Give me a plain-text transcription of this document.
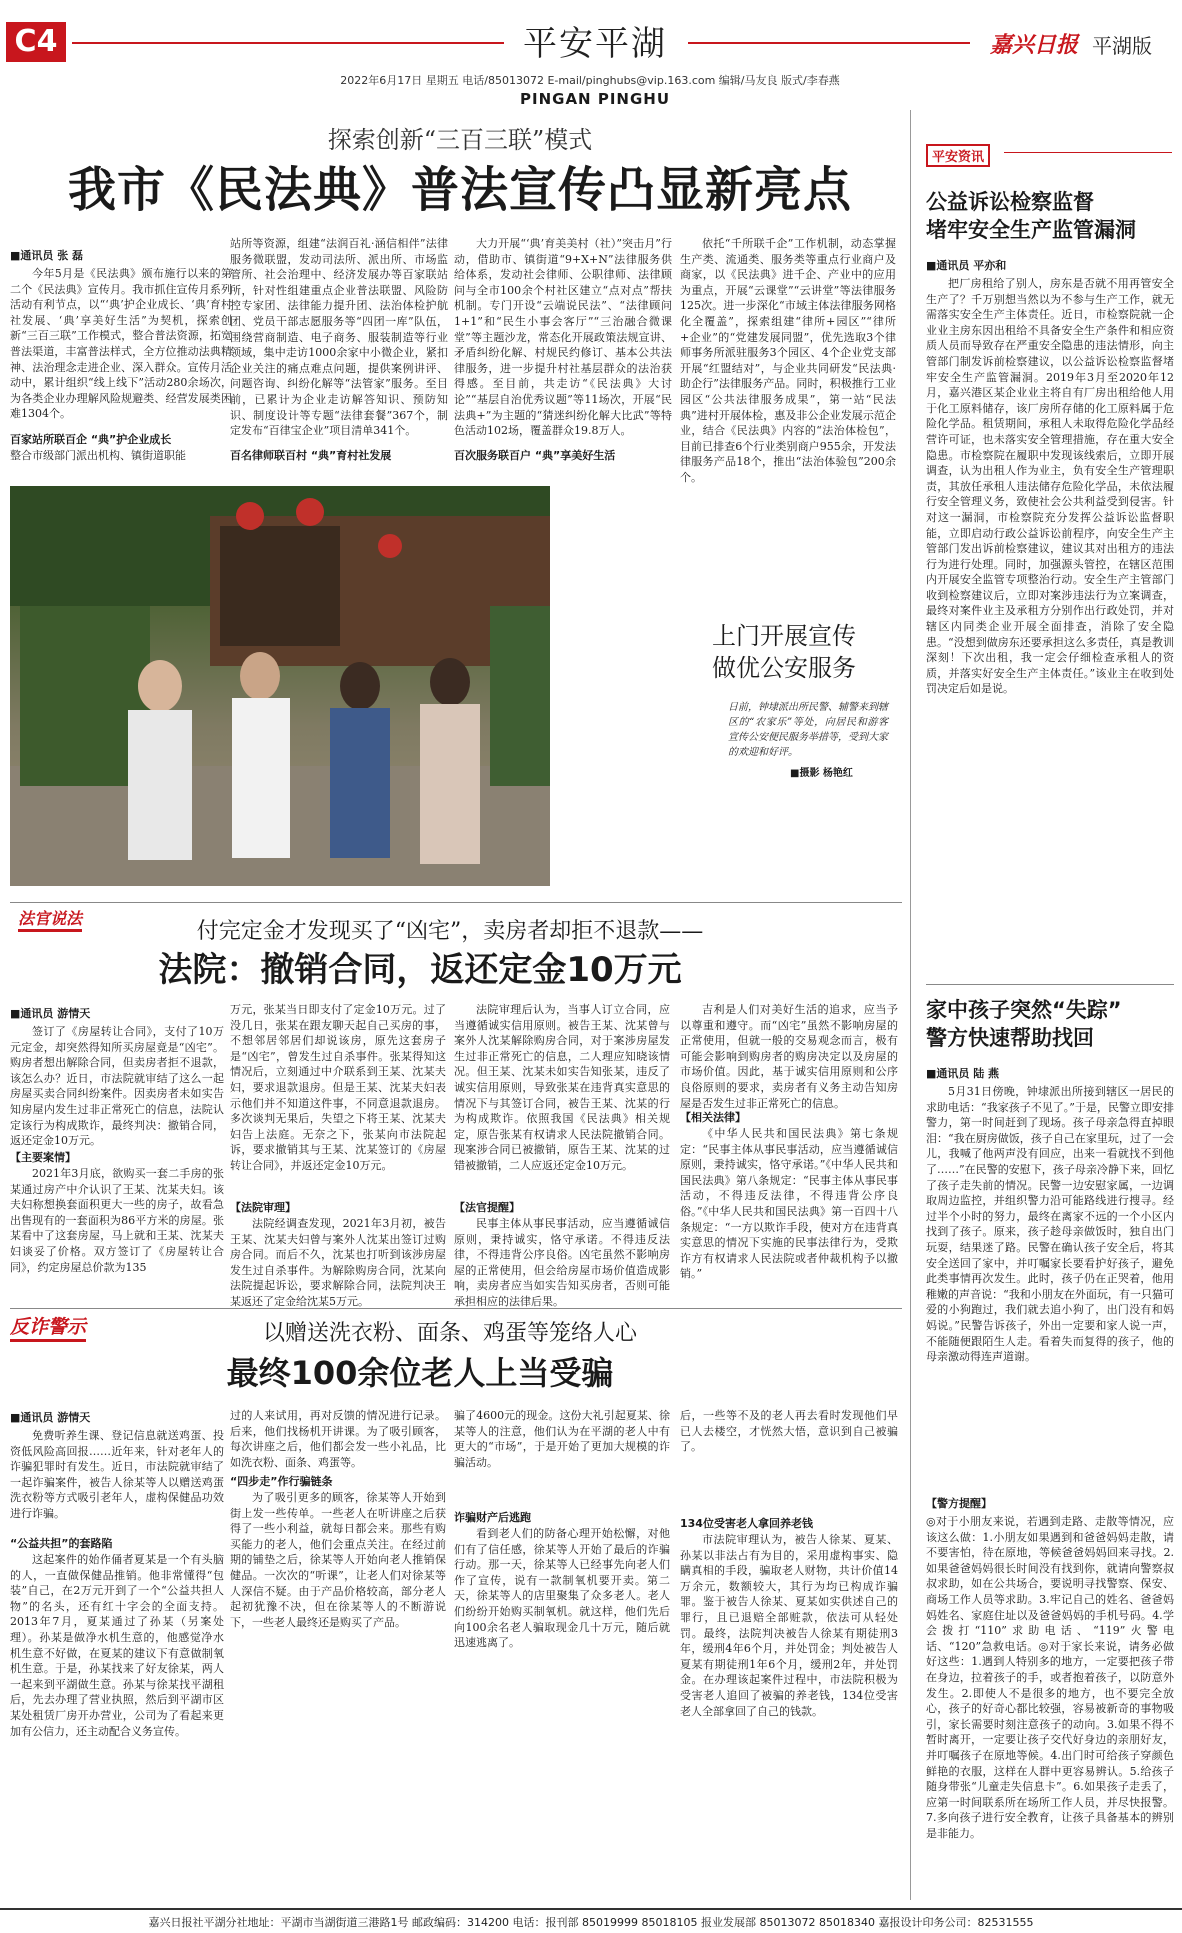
C4	平安平湖	嘉兴日报 平湖版
2022年6月17日 星期五 电话/85013072 E-mail/pinghubs@vip.163.com 编辑/马友良 版式/李春燕
PINGAN PINGHU
探索创新“三百三联”模式
我市《民法典》普法宣传凸显新亮点
■通讯员 张 磊

今年5月是《民法典》颁布施行以来的第二个《民法典》宣传月。我市抓住宣传月系列活动有利节点，以“‘典’护企业成长、‘典’育村社发展、‘典’享美好生活”为契机，探索创新“三百三联”工作模式，整合普法资源，拓宽普法渠道，丰富普法样式，全方位推动法典精神、法治理念走进企业、深入群众。宣传月活动中，累计组织“线上线下”活动280余场次，为各类企业办理解风险规避类、经营发展类困难1304个。

百家站所联百企 “典”护企业成长
整合市级部门派出机构、镇街道职能

站所等资源，组建“法润百礼·涵信相伴”法律服务微联盟，发动司法所、派出所、市场监管所、社会治理中、经济发展办等百家联站所，针对性组建重点企业普法联盟、风险防控专家团、法律能力提升团、法治体检护航团、党员干部志愿服务等“四团一库”队伍，围绕营商制造、电子商务、服装制造等行业领域，集中走访1000余家中小微企业，紧扣企业关注的痛点难点问题，提供案例讲评、问题咨询、纠纷化解等“法管家”服务。至目前，已累计为企业走访解答知识、预防知识、制度设计等专题“法律套餐”367个，制定发布“百律宝企业”项目清单341个。

百名律师联百村 “典”育村社发展

大力开展“‘典’育美美村（社）”突击月”行动，借助市、镇街道“9+X+N”法律服务供给体系，发动社会律师、公职律师、法律顾问与全市100余个村社区建立“点对点”帮扶机制。专门开设“云端说民法”、“法律顾问1+1”和“民生小事会客厅”“三治融合微课堂”等主题沙龙，常态化开展政策法规宣讲、矛盾纠纷化解、村规民约修订、基本公共法律服务，进一步提升村社基层群众的法治获得感。至目前，共走访“《民法典》大讨论”“基层自治优秀议题”等11场次，开展“民法典+”为主题的“猜迷纠纷化解大比武”等特色活动102场，覆盖群众19.8万人。

百次服务联百户 “典”享美好生活

依托“千所联千企”工作机制，动态掌握生产类、流通类、服务类等重点行业商户及商家，以《民法典》进千企、产业中的应用为重点，开展“云课堂”“云讲堂”等法律服务125次。进一步深化“市域主体法律服务网格化全覆盖”，探索组建“律所+园区”“律所+企业”的“党建发展同盟”，优先选取3个律师事务所派驻服务3个园区、4个企业党支部开展“红盟结对”，与企业共同研发“民法典·助企行”法律服务产品。同时，积极推行工业园区“公共法律服务成果”，第一站“民法典”进村开展体检，惠及非公企业发展示范企业，结合《民法典》内容的“法治体检包”，目前已排查6个行业类别商户955余，开发法律服务产品18个，推出“法治体验包”200余个。

上门开展宣传
做优公安服务
日前，钟埭派出所民警、辅警来到辖区的“农家乐”等处，向居民和游客宣传公安便民服务举措等，受到大家的欢迎和好评。
■摄影 杨艳红
平安资讯
公益诉讼检察监督
堵牢安全生产监管漏洞
■通讯员 平亦和

把厂房租给了别人，房东是否就不用再管安全生产了？千万别想当然以为不参与生产工作，就无需落实安全生产主体责任。近日，市检察院就一企业业主房东因出租给不具备安全生产条件和相应资质人员而导致存在严重安全隐患的违法情形，向主管部门制发诉前检察建议，以公益诉讼检察监督堵牢安全生产监管漏洞。2019年3月至2020年12月，嘉兴港区某企业业主将自有厂房出租给他人用于化工原料储存，该厂房所存储的化工原料属于危险化学品。租赁期间，承租人未取得危险化学品经营许可证，也未落实安全管理措施，存在重大安全隐患。市检察院在履职中发现该线索后，立即开展调查，认为出租人作为业主，负有安全生产管理职责，其放任承租人违法储存危险化学品，未依法履行安全管理义务，致使社会公共利益受到侵害。针对这一漏洞，市检察院充分发挥公益诉讼监督职能，立即启动行政公益诉讼前程序，向安全生产主管部门发出诉前检察建议，建议其对出租方的违法行为进行处理。同时，加强源头管控，在辖区范围内开展安全监管专项整治行动。安全生产主管部门收到检察建议后，立即对案涉违法行为立案调查，最终对案件业主及承租方分别作出行政处罚，并对辖区内同类企业开展全面排查，消除了安全隐患。“没想到做房东还要承担这么多责任，真是教训深刻！下次出租，我一定会仔细检查承租人的资质，并落实好安全生产主体责任。”该业主在收到处罚决定后如是说。

家中孩子突然“失踪”
警方快速帮助找回
■通讯员 陆 燕

5月31日傍晚，钟埭派出所接到辖区一居民的求助电话：“我家孩子不见了。”于是，民警立即安排警力，第一时间赶到了现场。孩子母亲急得直掉眼泪：“我在厨房做饭，孩子自己在家里玩，过了一会儿，我喊了他两声没有回应，出来一看就找不到他了……”在民警的安慰下，孩子母亲冷静下来，回忆了孩子走失前的情况。民警一边安慰家属，一边调取周边监控，并组织警力沿可能路线进行搜寻。经过半个小时的努力，最终在离家不远的一个小区内找到了孩子。原来，孩子趁母亲做饭时，独自出门玩耍，结果迷了路。民警在确认孩子安全后，将其安全送回了家中，并叮嘱家长要看护好孩子，避免此类事情再次发生。此时，孩子仍在正哭着，他用稚嫩的声音说：“我和小朋友在外面玩，有一只猫可爱的小狗跑过，我们就去追小狗了，出门没有和妈妈说。”民警告诉孩子，外出一定要和家人说一声，不能随便跟陌生人走。看着失而复得的孩子，他的母亲激动得连声道谢。

【警方提醒】
◎对于小朋友来说，若遇到走路、走散等情况，应该这么做：1.小朋友如果遇到和爸爸妈妈走散，请不要害怕，待在原地，等候爸爸妈妈回来寻找。2.如果爸爸妈妈很长时间没有找到你，就请向警察叔叔求助，如在公共场合，要说明寻找警察、保安、商场工作人员等求助。3.牢记自己的姓名、爸爸妈妈姓名、家庭住址以及爸爸妈妈的手机号码。4.学会拨打“110”求助电话、“119”火警电话、“120”急救电话。◎对于家长来说，请务必做好这些：1.遇到人特别多的地方，一定要把孩子带在身边，拉着孩子的手，或者抱着孩子，以防意外发生。2.即使人不是很多的地方，也不要完全放心，孩子的好奇心都比较强，容易被新奇的事物吸引，家长需要时刻注意孩子的动向。3.如果不得不暂时离开，一定要让孩子交代好身边的亲朋好友，并叮嘱孩子在原地等候。4.出门时可给孩子穿颜色鲜艳的衣服，这样在人群中更容易辨认。5.给孩子随身带张“儿童走失信息卡”。6.如果孩子走丢了，应第一时间联系所在场所工作人员，并尽快报警。7.多向孩子进行安全教育，让孩子具备基本的辨别是非能力。
法官说法
付完定金才发现买了“凶宅”，卖房者却拒不退款——
法院：撤销合同，返还定金10万元
■通讯员 游情天

签订了《房屋转让合同》，支付了10万元定金，却突然得知所买房屋竟是“凶宅”。购房者想出解除合同，但卖房者拒不退款，该怎么办？近日，市法院就审结了这么一起房屋买卖合同纠纷案件。因卖房者未如实告知房屋内发生过非正常死亡的信息，法院认定该行为构成欺诈，最终判决：撤销合同，返还定金10万元。

【主要案情】

2021年3月底，欲购买一套二手房的张某通过房产中介认识了王某、沈某夫妇。该夫妇称想换套面积更大一些的房子，故看急出售现有的一套面积为86平方米的房屋。张某看中了这套房屋，马上就和王某、沈某夫妇谈妥了价格。双方签订了《房屋转让合同》，约定房屋总价款为135

万元，张某当日即支付了定金10万元。过了没几日，张某在跟友聊天起自己买房的事，不想邻居邻居们却说该房，原先这套房子是“凶宅”，曾发生过自杀事件。张某得知这情况后，立刻通过中介联系到王某、沈某夫妇，要求退款退房。但是王某、沈某夫妇表示他们并不知道这件事，不同意退款退房。多次谈判无果后，失望之下将王某、沈某夫妇告上法庭。无奈之下，张某向市法院起诉，要求撤销其与王某、沈某签订的《房屋转让合同》，并返还定金10万元。

【法院审理】

法院经调查发现，2021年3月初，被告王某、沈某夫妇曾与案外人沈某出签订过购房合同。而后不久，沈某也打听到该涉房屋发生过自杀事件。为解除购房合同，沈某向法院提起诉讼，要求解除合同，法院判决王某返还了定金给沈某5万元。

法院审理后认为，当事人订立合同，应当遵循诚实信用原则。被告王某、沈某曾与案外人沈某解除购房合同，对于案涉房屋发生过非正常死亡的信息，二人理应知晓该情况。但王某、沈某未如实告知张某，违反了诚实信用原则，导致张某在违背真实意思的情况下与其签订合同，被告王某、沈某的行为构成欺诈。依照我国《民法典》相关规定，原告张某有权请求人民法院撤销合同。现案涉合同已被撤销，原告王某、沈某的过错被撤销，二人应返还定金10万元。

【法官提醒】

民事主体从事民事活动，应当遵循诚信原则，秉持诚实，恪守承诺。不得违反法律，不得违背公序良俗。凶宅虽然不影响房屋的正常使用，但会给房屋市场价值造成影响，卖房者应当如实告知买房者，否则可能承担相应的法律后果。

吉利是人们对美好生活的追求，应当予以尊重和遵守。而“凶宅”虽然不影响房屋的正常使用，但就一般的交易观念而言，极有可能会影响到购房者的购房决定以及房屋的市场价值。因此，基于诚实信用原则和公序良俗原则的要求，卖房者有义务主动告知房屋是否发生过非正常死亡的信息。

【相关法律】

《中华人民共和国民法典》第七条规定：“民事主体从事民事活动，应当遵循诚信原则，秉持诚实，恪守承诺。”《中华人民共和国民法典》第八条规定：“民事主体从事民事活动，不得违反法律，不得违背公序良俗。”《中华人民共和国民法典》第一百四十八条规定：“一方以欺诈手段，使对方在违背真实意思的情况下实施的民事法律行为，受欺诈方有权请求人民法院或者仲裁机构予以撤销。”

反诈警示	以赠送洗衣粉、面条、鸡蛋等笼络人心
最终100余位老人上当受骗
■通讯员 游情天

免费听养生课、登记信息就送鸡蛋、投资低风险高回报……近年来，针对老年人的诈骗犯罪时有发生。近日，市法院就审结了一起诈骗案件，被告人徐某等人以赠送鸡蛋洗衣粉等方式吸引老年人，虚构保健品功效进行诈骗。

“公益共担”的套路陷

这起案件的始作俑者夏某是一个有头脑的人，一直做保健品推销。他非常懂得“包装”自己，在2万元开到了一个“公益共担人物”的名头，还有红十字会的全面支持。2013年7月，夏某通过了孙某（另案处理）。孙某是做净水机生意的，他感觉净水机生意不好做，在夏某的建议下有意做制氧机生意。于是，孙某找来了好友徐某，两人一起来到平湖做生意。孙某与徐某找平湖租后，先去办理了营业执照，然后到平湖市区某处租赁厂房开办营业，公司为了看起来更加有公信力，还主动配合义务宣传。

过的人来试用，再对反馈的情况进行记录。后来，他们找杨机开讲课。为了吸引顾客，每次讲座之后，他们都会发一些小礼品，比如洗衣粉、面条、鸡蛋等。

“四步走”作行骗链条

为了吸引更多的顾客，徐某等人开始到街上发一些传单。一些老人在听讲座之后获得了一些小利益，就每日都会来。那些有购买能力的老人，他们会重点关注。在经过前期的铺垫之后，徐某等人开始向老人推销保健品。一次次的“听课”，让老人们对徐某等人深信不疑。由于产品价格较高，部分老人起初犹豫不决，但在徐某等人的不断游说下，一些老人最终还是购买了产品。

骗了4600元的现金。这份大礼引起夏某、徐某等人的注意，他们认为在平湖的老人中有更大的“市场”，于是开始了更加大规模的诈骗活动。

诈骗财产后逃跑

看到老人们的防备心理开始松懈，对他们有了信任感，徐某等人开始了最后的诈骗行动。那一天，徐某等人已经事先向老人们作了宣传，说有一款制氧机要开卖。第二天，徐某等人的店里聚集了众多老人。老人们纷纷开始购买制氧机。就这样，他们先后向100余名老人骗取现金几十万元，随后就迅速逃离了。

后，一些等不及的老人再去看时发现他们早已人去楼空，才恍然大悟，意识到自己被骗了。

134位受害老人拿回养老钱

市法院审理认为，被告人徐某、夏某、孙某以非法占有为目的，采用虚构事实、隐瞒真相的手段，骗取老人财物，共计价值14万余元，数额较大，其行为均已构成诈骗罪。鉴于被告人徐某、夏某如实供述自己的罪行，且已退赔全部赃款，依法可从轻处罚。最终，法院判决被告人徐某有期徒刑3年，缓刑4年6个月，并处罚金；判处被告人夏某有期徒刑1年6个月，缓刑2年，并处罚金。在办理该起案件过程中，市法院积极为受害老人追回了被骗的养老钱，134位受害老人全部拿回了自己的钱款。

嘉兴日报社平湖分社地址：平湖市当湖街道三港路1号 邮政编码：314200 电话：报刊部 85019999 85018105 报业发展部 85013072 85018340 嘉报设计印务公司：82531555
